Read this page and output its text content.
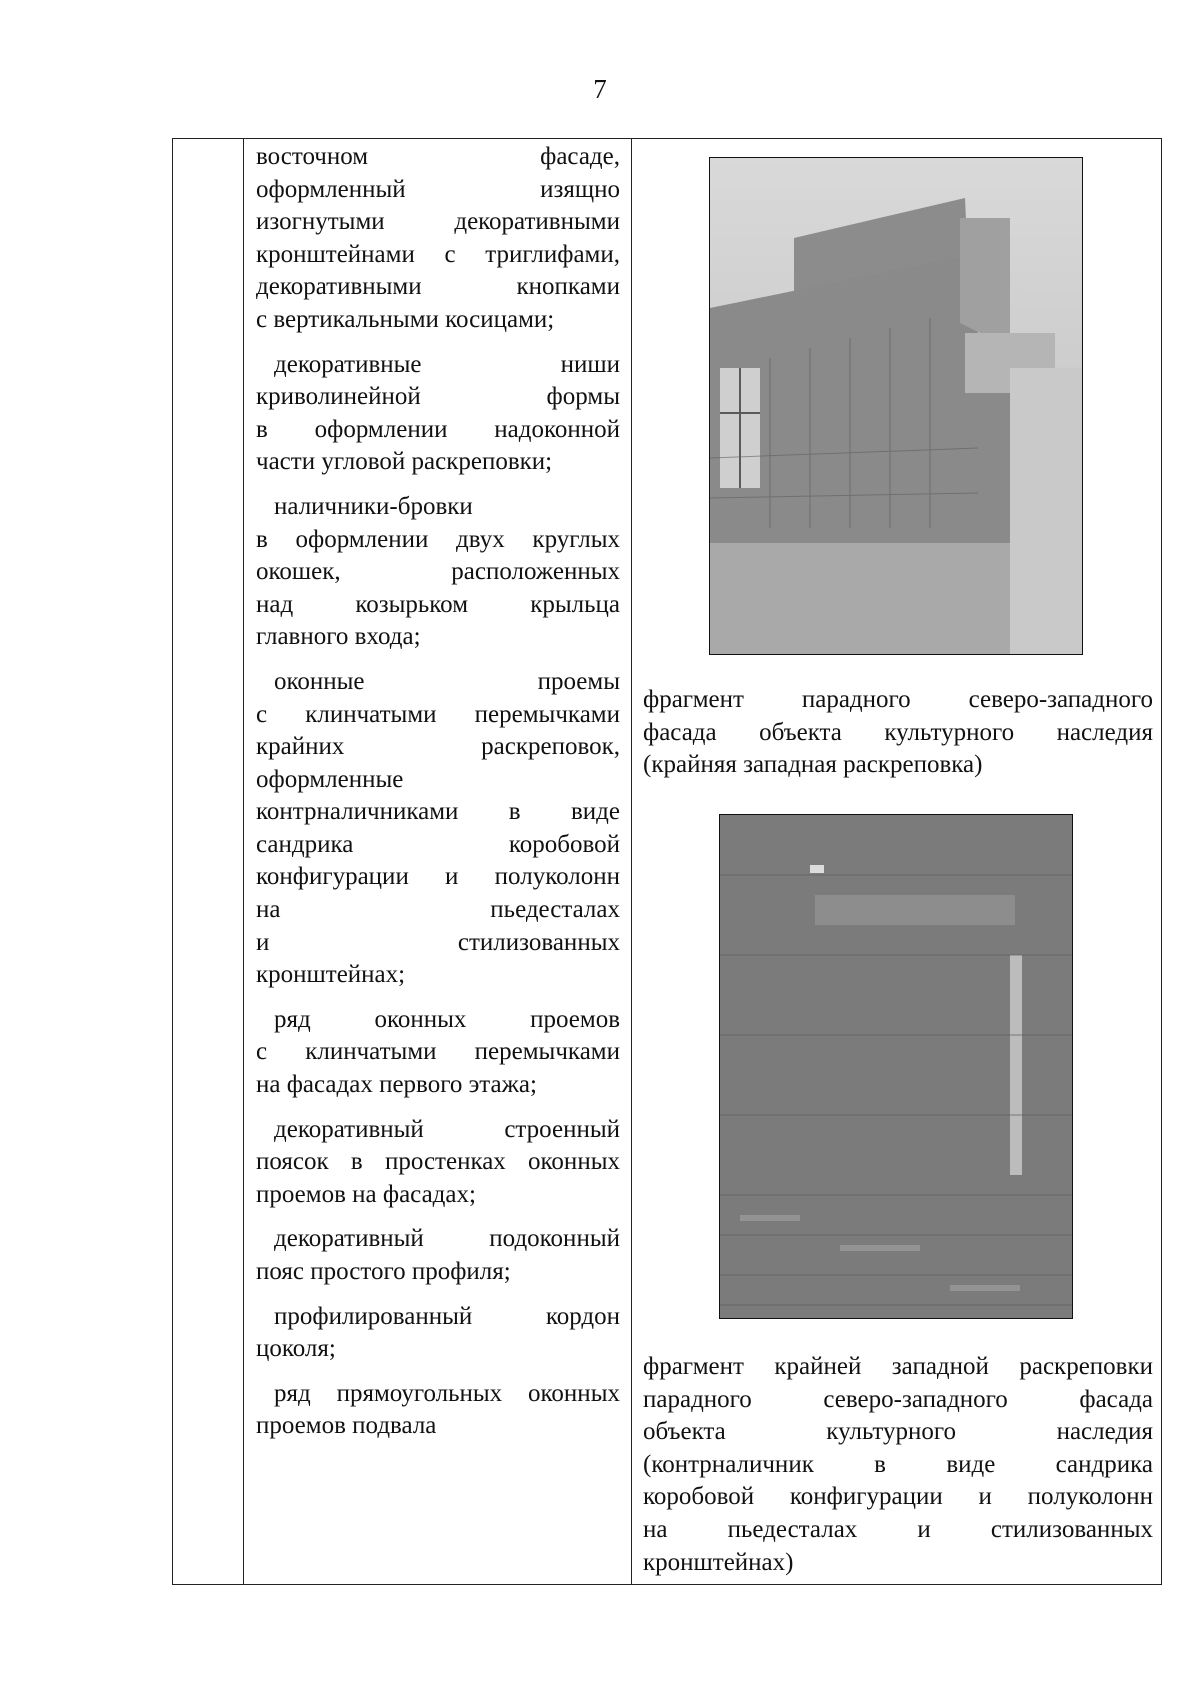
7

восточном фасаде,
оформленный изящно
изогнутыми декоративными
кронштейнами с триглифами,
декоративными кнопками
с вертикальными косицами;

декоративные ниши
криволинейной формы
в оформлении надоконной
части угловой раскреповки;

наличники-бровки
в оформлении двух круглых
окошек, расположенных
над козырьком крыльца
главного входа;

оконные проемы
с клинчатыми перемычками
крайних раскреповок,
оформленные
контрналичниками в виде
сандрика коробовой
конфигурации и полуколонн
на пьедесталах
и стилизованных
кронштейнах;

ряд оконных проемов
с клинчатыми перемычками
на фасадах первого этажа;

декоративный строенный
поясок в простенках оконных
проемов на фасадах;

декоративный подоконный
пояс простого профиля;

профилированный кордон
цоколя;

ряд прямоугольных оконных
проемов подвала

фрагмент парадного северо-западного
фасада объекта культурного наследия
(крайняя западная раскреповка)
фрагмент крайней западной раскреповки
парадного северо-западного фасада
объекта культурного наследия
(контрналичник в виде сандрика
коробовой конфигурации и полуколонн
на пьедесталах и стилизованных
кронштейнах)
